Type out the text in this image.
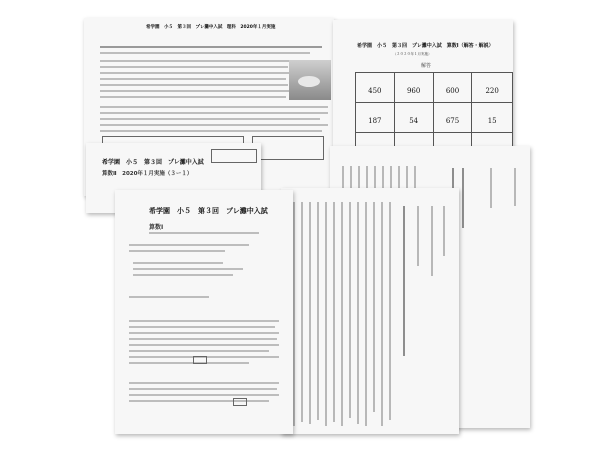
希学園　小５　第３回　プレ灘中入試　理科　2020年１月実施
希学園　小５　第３回　プレ灘中入試　算数Ⅰ（解答・解説）
（２０２０年１月実施）
解答

450	960	600	220

187	54	675	15

希学園　小５　第３回　プレ灘中入試
算数Ⅱ　2020年１月実施（３ー１）
希学園　小５　第３回　プレ灘中入試
算数Ⅰ
